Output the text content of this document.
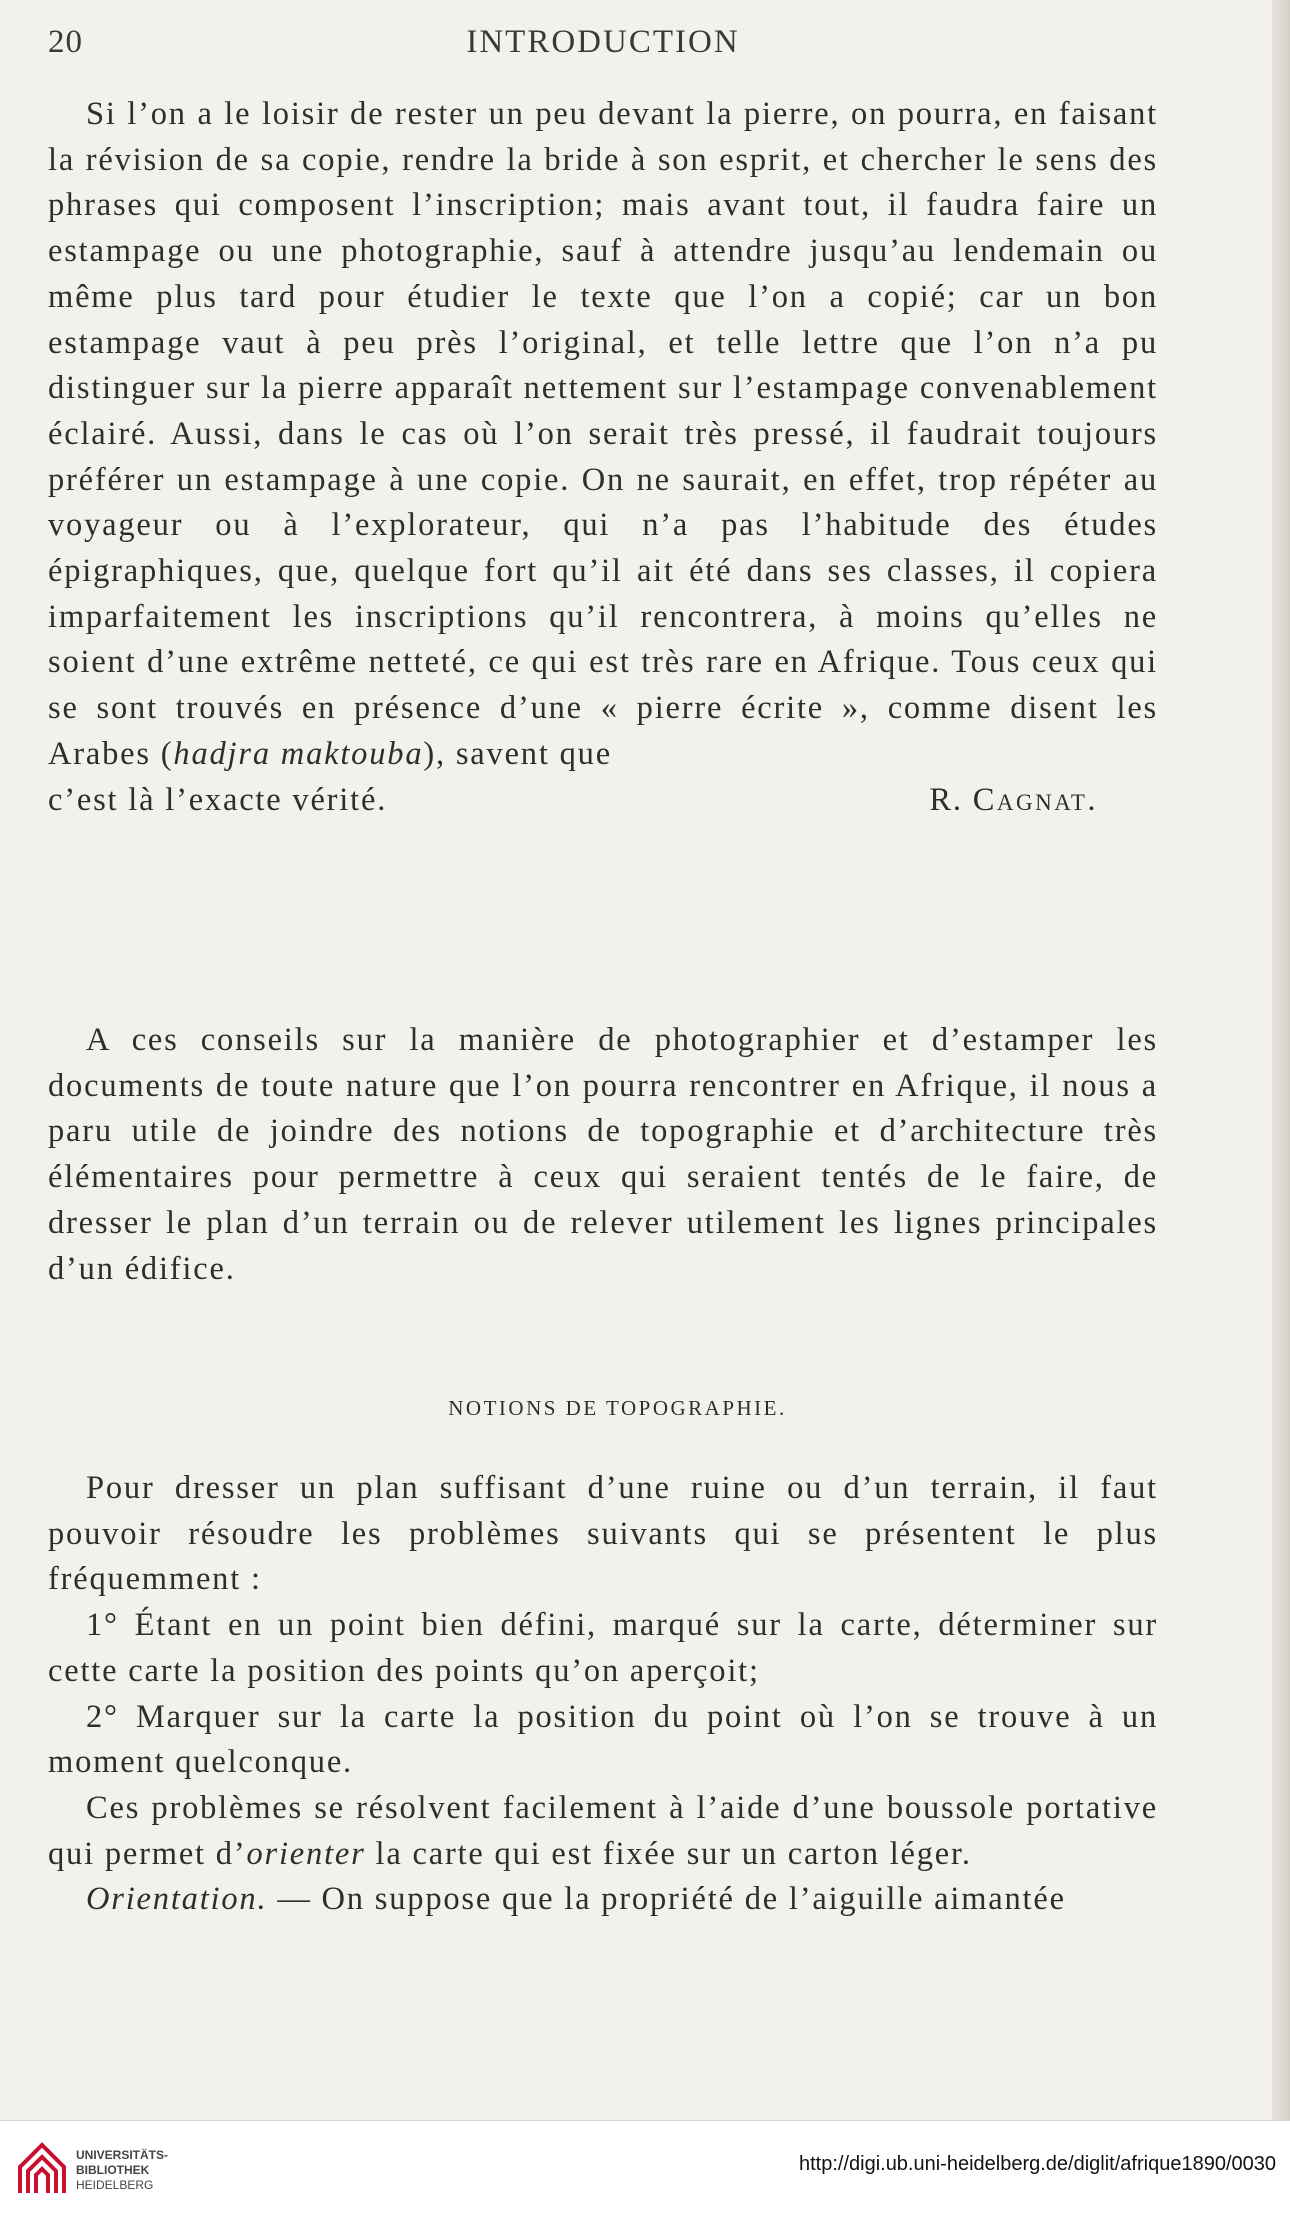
20	INTRODUCTION

Si l’on a le loisir de rester un peu devant la pierre, on pourra, en faisant la révision de sa copie, rendre la bride à son esprit, et chercher le sens des phrases qui composent l’inscription; mais avant tout, il faudra faire un estampage ou une photographie, sauf à attendre jusqu’au lendemain ou même plus tard pour étudier le texte que l’on a copié; car un bon estampage vaut à peu près l’original, et telle lettre que l’on n’a pu distinguer sur la pierre apparaît nettement sur l’estampage convenablement éclairé. Aussi, dans le cas où l’on serait très pressé, il faudrait toujours préférer un estampage à une copie. On ne saurait, en effet, trop répéter au voyageur ou à l’explorateur, qui n’a pas l’habitude des études épigraphiques, que, quelque fort qu’il ait été dans ses classes, il copiera imparfaitement les inscriptions qu’il rencontrera, à moins qu’elles ne soient d’une extrême netteté, ce qui est très rare en Afrique. Tous ceux qui se sont trouvés en présence d’une « pierre écrite », comme disent les Arabes (hadjra maktouba), savent que

c’est là l’exacte vérité.	R. Cagnat.

A ces conseils sur la manière de photographier et d’estamper les documents de toute nature que l’on pourra rencontrer en Afrique, il nous a paru utile de joindre des notions de topographie et d’architecture très élémentaires pour permettre à ceux qui seraient tentés de le faire, de dresser le plan d’un terrain ou de relever utilement les lignes principales d’un édifice.

NOTIONS DE TOPOGRAPHIE.

Pour dresser un plan suffisant d’une ruine ou d’un terrain, il faut pouvoir résoudre les problèmes suivants qui se présentent le plus fréquemment :

1° Étant en un point bien défini, marqué sur la carte, déterminer sur cette carte la position des points qu’on aperçoit;

2° Marquer sur la carte la position du point où l’on se trouve à un moment quelconque.

Ces problèmes se résolvent facilement à l’aide d’une boussole portative qui permet d’orienter la carte qui est fixée sur un carton léger.

Orientation. — On suppose que la propriété de l’aiguille aimantée

UNIVERSITÄTS-
BIBLIOTHEK
HEIDELBERG
http://digi.ub.uni-heidelberg.de/diglit/afrique1890/0030
